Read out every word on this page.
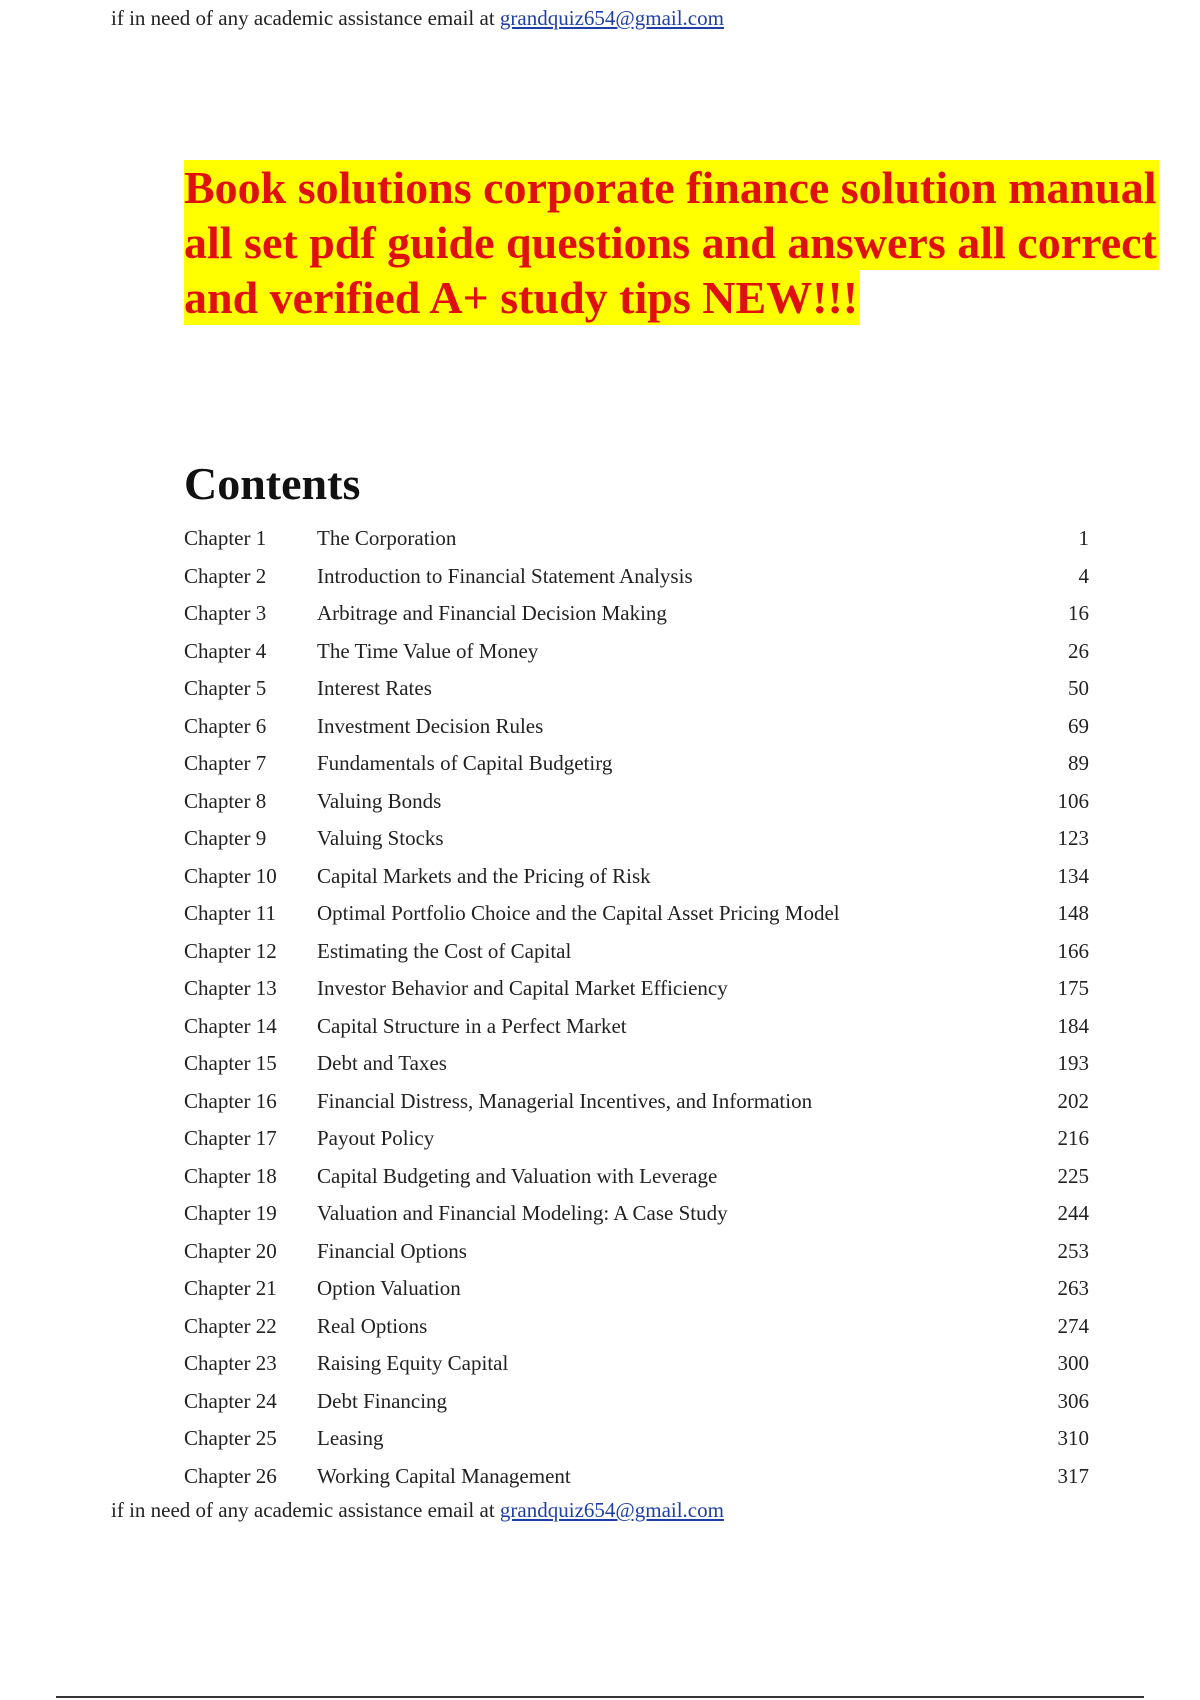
if in need of any academic assistance email at grandquiz654@gmail.com
Book solutions corporate finance solution manual
all set pdf guide questions and answers all correct
and verified A+ study tips NEW!!!
Contents
Chapter 1 The Corporation	1
Chapter 2 Introduction to Financial Statement Analysis	4
Chapter 3 Arbitrage and Financial Decision Making	16
Chapter 4 The Time Value of Money	26
Chapter 5 Interest Rates	50
Chapter 6 Investment Decision Rules	69
Chapter 7 Fundamentals of Capital Budgetirg	89
Chapter 8 Valuing Bonds	106
Chapter 9 Valuing Stocks	123
Chapter 10 Capital Markets and the Pricing of Risk	134
Chapter 11 Optimal Portfolio Choice and the Capital Asset Pricing Model	148
Chapter 12 Estimating the Cost of Capital	166
Chapter 13 Investor Behavior and Capital Market Efficiency	175
Chapter 14 Capital Structure in a Perfect Market	184
Chapter 15 Debt and Taxes	193
Chapter 16 Financial Distress, Managerial Incentives, and Information	202
Chapter 17 Payout Policy	216
Chapter 18 Capital Budgeting and Valuation with Leverage	225
Chapter 19 Valuation and Financial Modeling: A Case Study	244
Chapter 20 Financial Options	253
Chapter 21 Option Valuation	263
Chapter 22 Real Options	274
Chapter 23 Raising Equity Capital	300
Chapter 24 Debt Financing	306
Chapter 25 Leasing	310
Chapter 26 Working Capital Management	317
if in need of any academic assistance email at grandquiz654@gmail.com
